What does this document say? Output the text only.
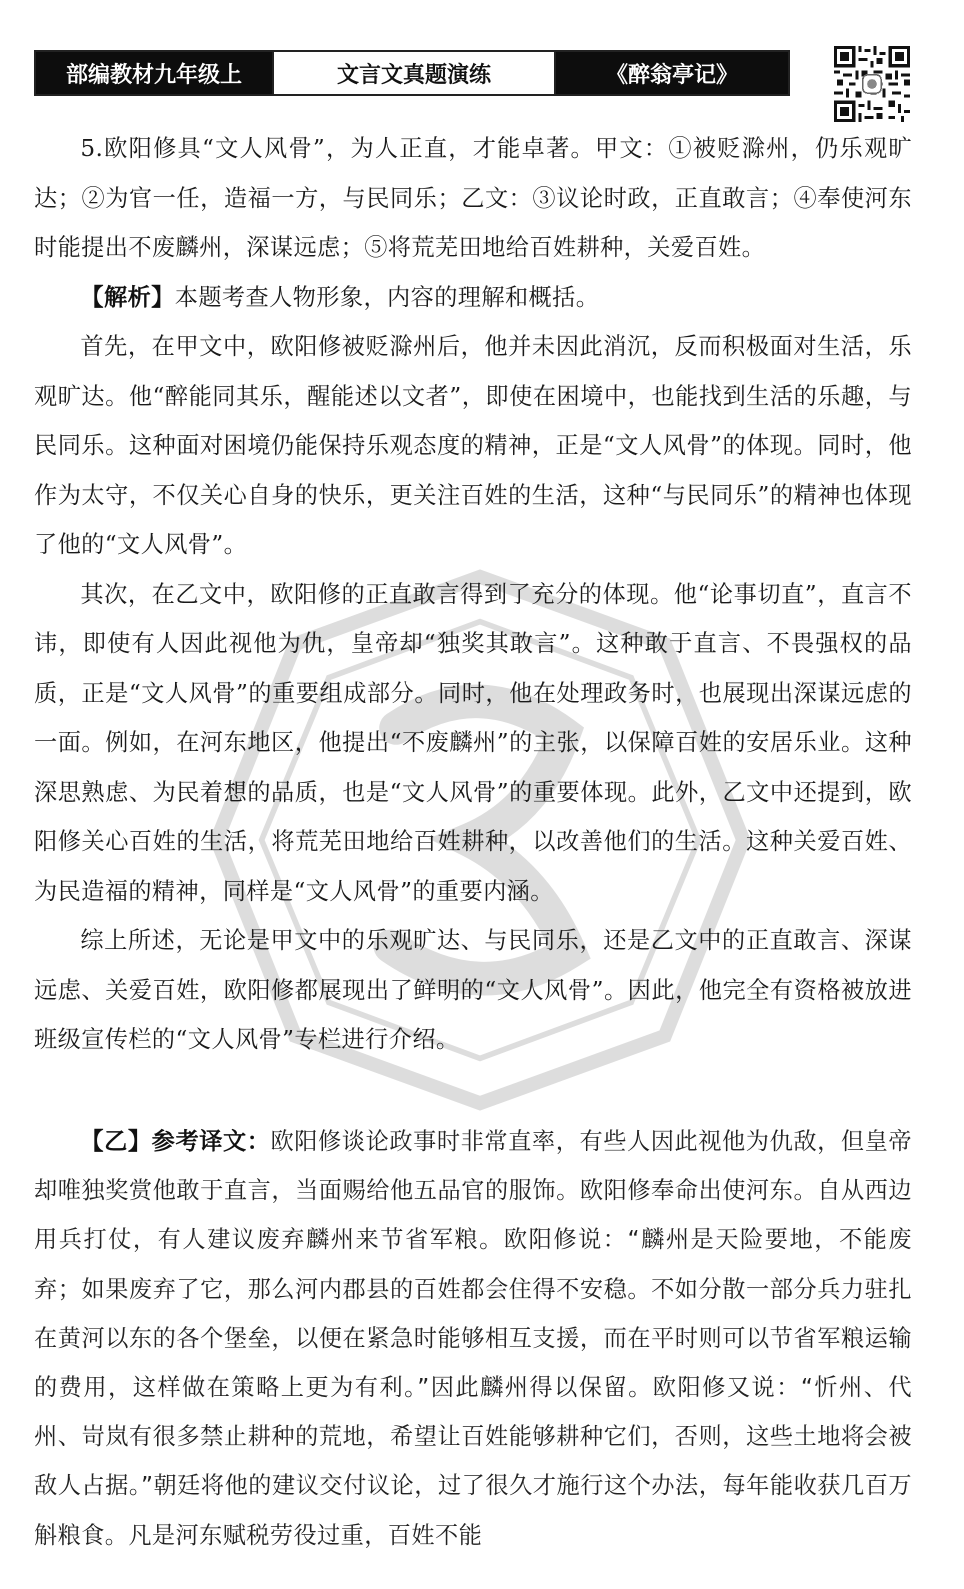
部编教材九年级上	文言文真题演练	《醉翁亭记》

5.欧阳修具“文人风骨”，为人正直，才能卓著。甲文：①被贬滁州，仍乐观旷达；②为官一任，造福一方，与民同乐；乙文：③议论时政，正直敢言；④奉使河东时能提出不废麟州，深谋远虑；⑤将荒芜田地给百姓耕种，关爱百姓。

【解析】本题考查人物形象，内容的理解和概括。

首先，在甲文中，欧阳修被贬滁州后，他并未因此消沉，反而积极面对生活，乐观旷达。他“醉能同其乐，醒能述以文者”，即使在困境中，也能找到生活的乐趣，与民同乐。这种面对困境仍能保持乐观态度的精神，正是“文人风骨”的体现。同时，他作为太守，不仅关心自身的快乐，更关注百姓的生活，这种“与民同乐”的精神也体现了他的“文人风骨”。

其次，在乙文中，欧阳修的正直敢言得到了充分的体现。他“论事切直”，直言不讳，即使有人因此视他为仇，皇帝却“独奖其敢言”。这种敢于直言、不畏强权的品质，正是“文人风骨”的重要组成部分。同时，他在处理政务时，也展现出深谋远虑的一面。例如，在河东地区，他提出“不废麟州”的主张，以保障百姓的安居乐业。这种深思熟虑、为民着想的品质，也是“文人风骨”的重要体现。此外，乙文中还提到，欧阳修关心百姓的生活，将荒芜田地给百姓耕种，以改善他们的生活。这种关爱百姓、为民造福的精神，同样是“文人风骨”的重要内涵。

综上所述，无论是甲文中的乐观旷达、与民同乐，还是乙文中的正直敢言、深谋远虑、关爱百姓，欧阳修都展现出了鲜明的“文人风骨”。因此，他完全有资格被放进班级宣传栏的“文人风骨”专栏进行介绍。

【乙】参考译文：欧阳修谈论政事时非常直率，有些人因此视他为仇敌，但皇帝却唯独奖赏他敢于直言，当面赐给他五品官的服饰。欧阳修奉命出使河东。自从西边用兵打仗，有人建议废弃麟州来节省军粮。欧阳修说：“麟州是天险要地，不能废弃；如果废弃了它，那么河内郡县的百姓都会住得不安稳。不如分散一部分兵力驻扎在黄河以东的各个堡垒，以便在紧急时能够相互支援，而在平时则可以节省军粮运输的费用，这样做在策略上更为有利。”因此麟州得以保留。欧阳修又说：“忻州、代州、岢岚有很多禁止耕种的荒地，希望让百姓能够耕种它们，否则，这些土地将会被敌人占据。”朝廷将他的建议交付议论，过了很久才施行这个办法，每年能收获几百万斛粮食。凡是河东赋税劳役过重，百姓不能
